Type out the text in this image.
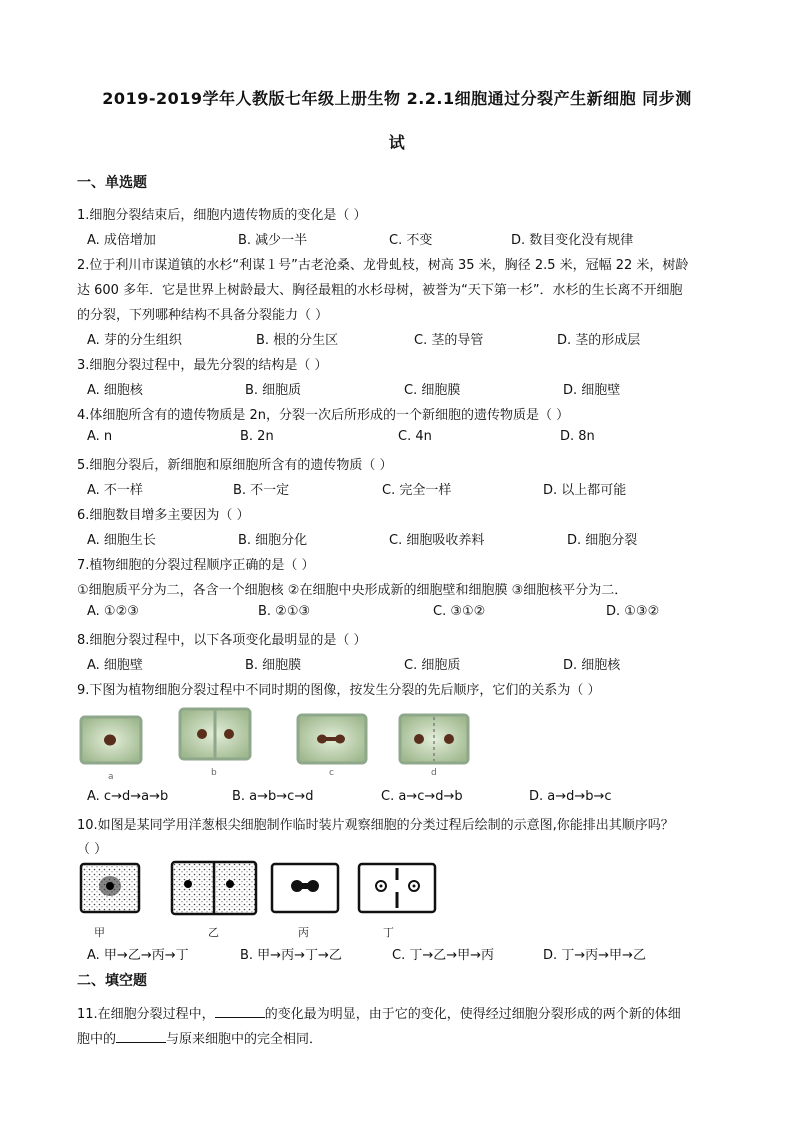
2019-2019学年人教版七年级上册生物 2.2.1细胞通过分裂产生新细胞 同步测
试
一、单选题
1.细胞分裂结束后，细胞内遗传物质的变化是（ ）
A. 成倍增加	B. 减少一半	C. 不变	D. 数目变化没有规律
2.位于利川市谋道镇的水杉“利谋１号”古老沧桑、龙骨虬枝，树高 35 米，胸径 2.5 米，冠幅 22 米，树龄
达 600 多年．它是世界上树龄最大、胸径最粗的水杉母树，被誉为“天下第一杉”．水杉的生长离不开细胞
的分裂，下列哪种结构不具备分裂能力（ ）
A. 芽的分生组织	B. 根的分生区	C. 茎的导管	D. 茎的形成层
3.细胞分裂过程中，最先分裂的结构是（ ）
A. 细胞核	B. 细胞质	C. 细胞膜	D. 细胞壁
4.体细胞所含有的遗传物质是 2n，分裂一次后所形成的一个新细胞的遗传物质是（ ）
A. n	B. 2n	C. 4n	D. 8n
5.细胞分裂后，新细胞和原细胞所含有的遗传物质（ ）
A. 不一样	B. 不一定	C. 完全一样	D. 以上都可能
6.细胞数目增多主要因为（ ）
A. 细胞生长	B. 细胞分化	C. 细胞吸收养料	D. 细胞分裂
7.植物细胞的分裂过程顺序正确的是（ ）
①细胞质平分为二，各含一个细胞核 ②在细胞中央形成新的细胞壁和细胞膜 ③细胞核平分为二．
A. ①②③	B. ②①③	C. ③①②	D. ①③②
8.细胞分裂过程中，以下各项变化最明显的是（ ）
A. 细胞壁	B. 细胞膜	C. 细胞质	D. 细胞核
9.下图为植物细胞分裂过程中不同时期的图像，按发生分裂的先后顺序，它们的关系为（ ）
a	b	c	d
A. c→d→a→b	B. a→b→c→d	C. a→c→d→b	D. a→d→b→c
10.如图是某同学用洋葱根尖细胞制作临时装片观察细胞的分类过程后绘制的示意图,你能排出其顺序吗？
（ ）
甲	乙	丙	丁
A. 甲→乙→丙→丁	B. 甲→丙→丁→乙	C. 丁→乙→甲→丙	D. 丁→丙→甲→乙
二、填空题
11.在细胞分裂过程中，	的变化最为明显，由于它的变化，使得经过细胞分裂形成的两个新的体细
胞中的	与原来细胞中的完全相同．
